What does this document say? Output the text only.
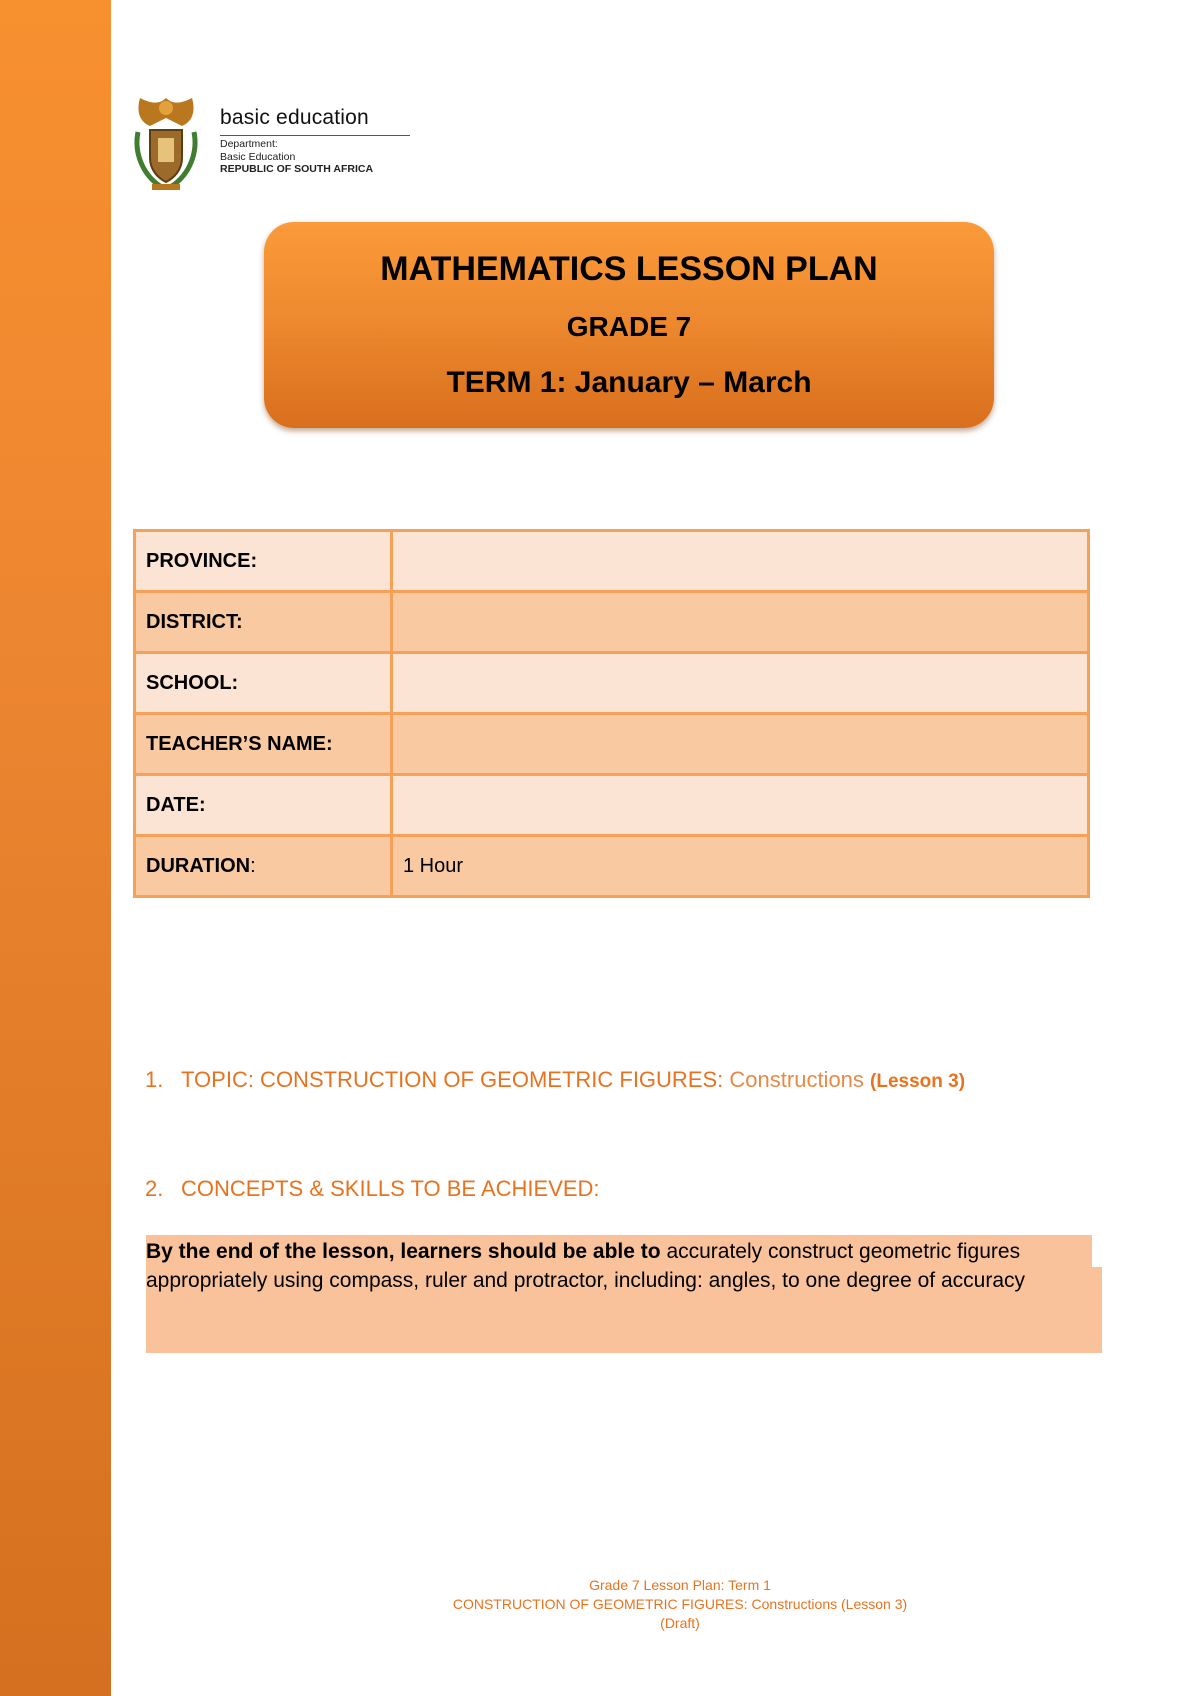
basic education
Department:
Basic Education
REPUBLIC OF SOUTH AFRICA
MATHEMATICS LESSON PLAN
GRADE 7
TERM 1: January – March
PROVINCE:	
DISTRICT:	
SCHOOL:	
TEACHER’S NAME:	
DATE:	
DURATION:	1 Hour
1. TOPIC: CONSTRUCTION OF GEOMETRIC FIGURES: Constructions (Lesson 3)
2. CONCEPTS & SKILLS TO BE ACHIEVED:
By the end of the lesson, learners should be able to accurately construct geometric figures appropriately using compass, ruler and protractor, including: angles, to one degree of accuracy
Grade 7 Lesson Plan: Term 1
CONSTRUCTION OF GEOMETRIC FIGURES: Constructions (Lesson 3)
(Draft)
